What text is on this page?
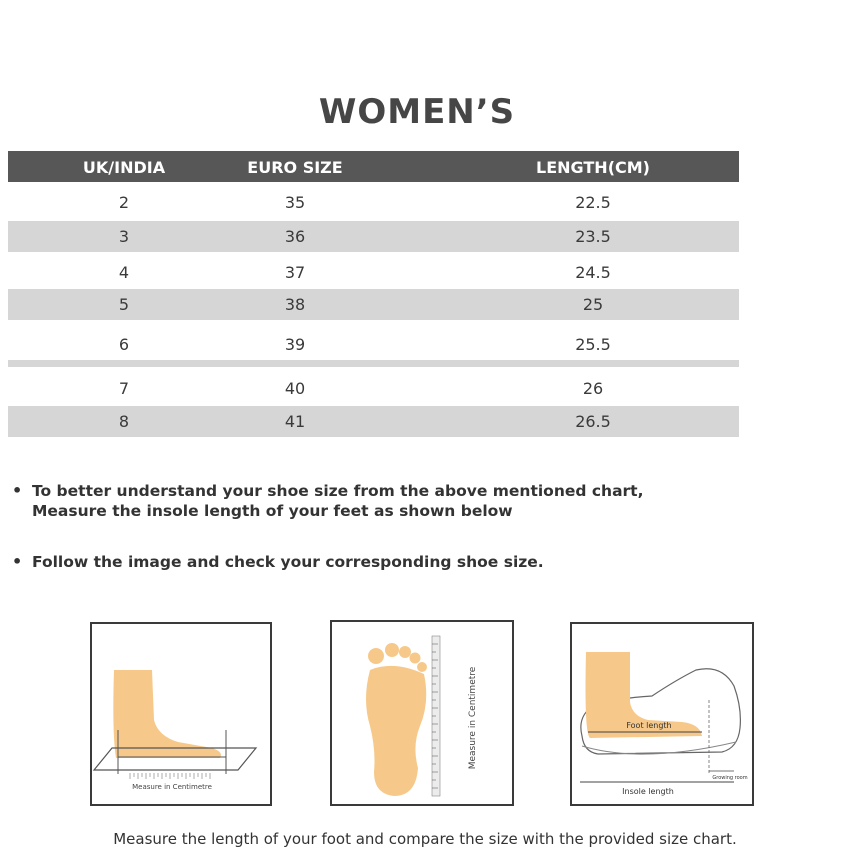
WOMEN’S
UK/INDIA	EURO SIZE	LENGTH(CM)
2	35	22.5
3	36	23.5
4	37	24.5
5	38	25
6	39	25.5
7	40	26
8	41	26.5
• To better understand your shoe size from the above mentioned chart,
Measure the insole length of your feet as shown below
• Follow the image and check your corresponding shoe size.
Measure in Centimetre
Measure in Centimetre	Foot length
Growing room
Insole length
Measure the length of your foot and compare the size with the provided size chart.
